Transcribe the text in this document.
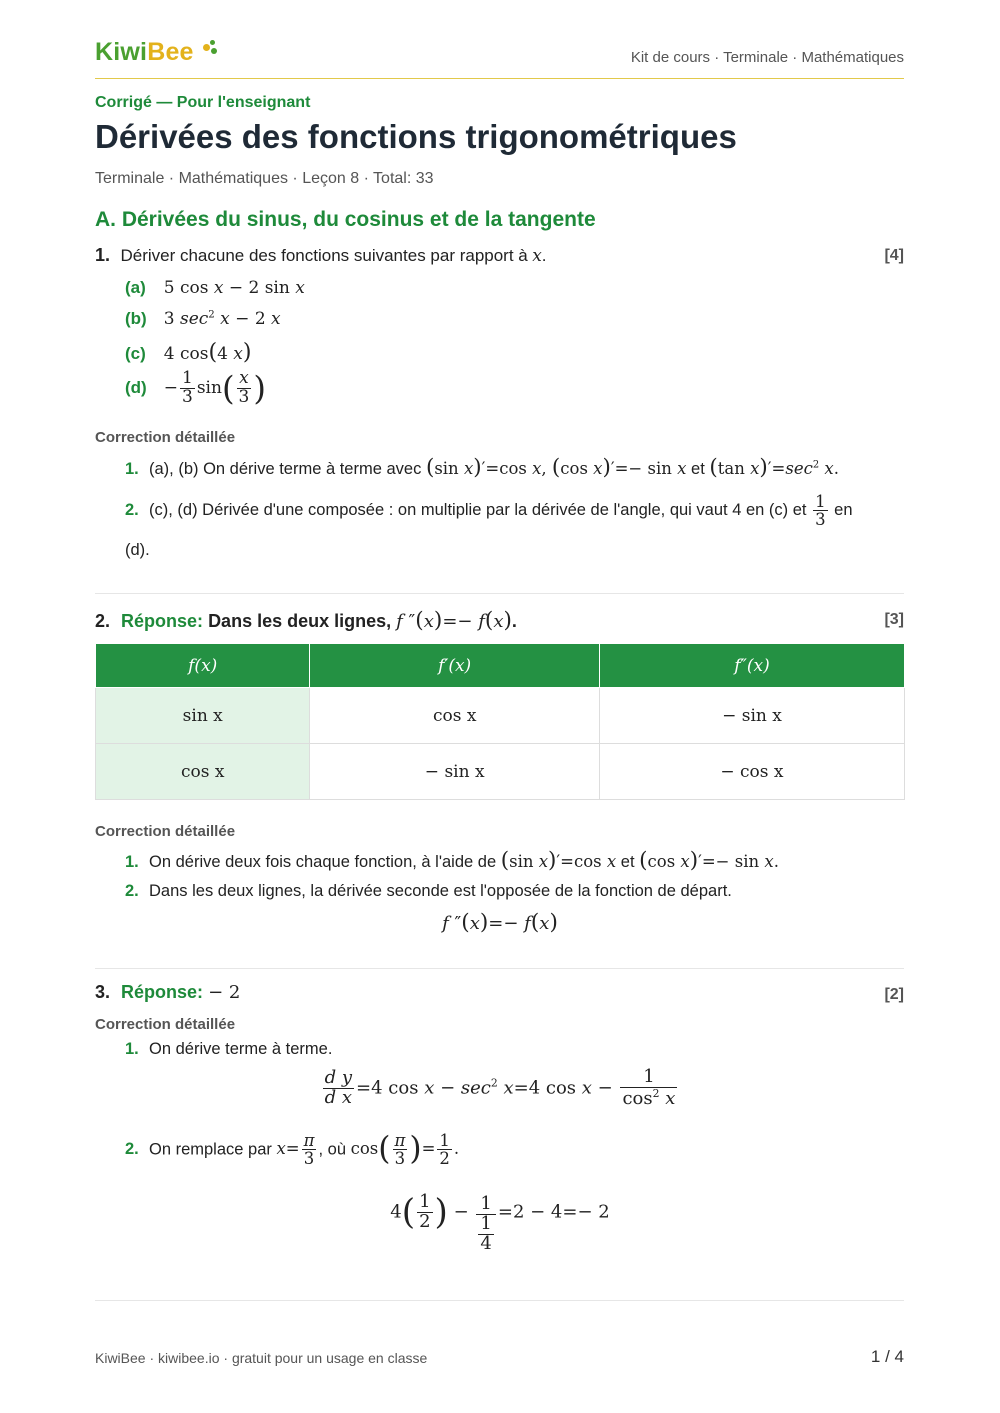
KiwiBee	Kit de cours · Terminale · Mathématiques
Corrigé — Pour l'enseignant
Dérivées des fonctions trigonométriques
Terminale · Mathématiques · Leçon 8 · Total: 33
A. Dérivées du sinus, du cosinus et de la tangente
1. Dériver chacune des fonctions suivantes par rapport à x.	[4]
(a) 5 cos x − 2 sin x
(b) 3 $\sec^2 x - 2$ x
(c) 4 cos(4 x)
$(d) - \frac{1}{3} \sin( \frac{x}{3}$ )
Correction détaillée
1. (a), (b) On dérive terme à terme avec (sin x)′=cos x, (cos x)′=− sin x et (tan $x)'=\sec^2$ x.
2. (c), (d) Dérivée d'une composée : on multiplie par la dérivée de l'angle, qui vaut 4 en (c) et $\frac{1}{3}$ en
(d).
2. Réponse: Dans les deux lignes, f ″(x)=− f(x).	[3]
f(x)	f′(x)	f″(x)
sin x	cos x	− sin x
cos x	− sin x	− cos x
Correction détaillée
1. On dérive deux fois chaque fonction, à l'aide de (sin x)′=cos x et (cos x)′=− sin x.
2. Dans les deux lignes, la dérivée seconde est l'opposée de la fonction de départ.
f ″(x)=− f(x)
3. Réponse: − 2	[2]
Correction détaillée
1. On dérive terme à terme.
$\frac{\text{d y}}{\text{d x}} =4$ $\cos x - \sec^2 x=4$ $\cos x - \frac{1}{\cos^2 x}$
2. On remplace par $x= \frac{\pi}{3}$ , où $\cos( \frac{\pi}{3}$ )= $\frac{1}{2}$ .
$4( \frac{1}{2}$ ) − $\frac{1}{\frac{1}{4}} =2 - 4=- 2$
KiwiBee · kiwibee.io · gratuit pour un usage en classe	1 / 4
